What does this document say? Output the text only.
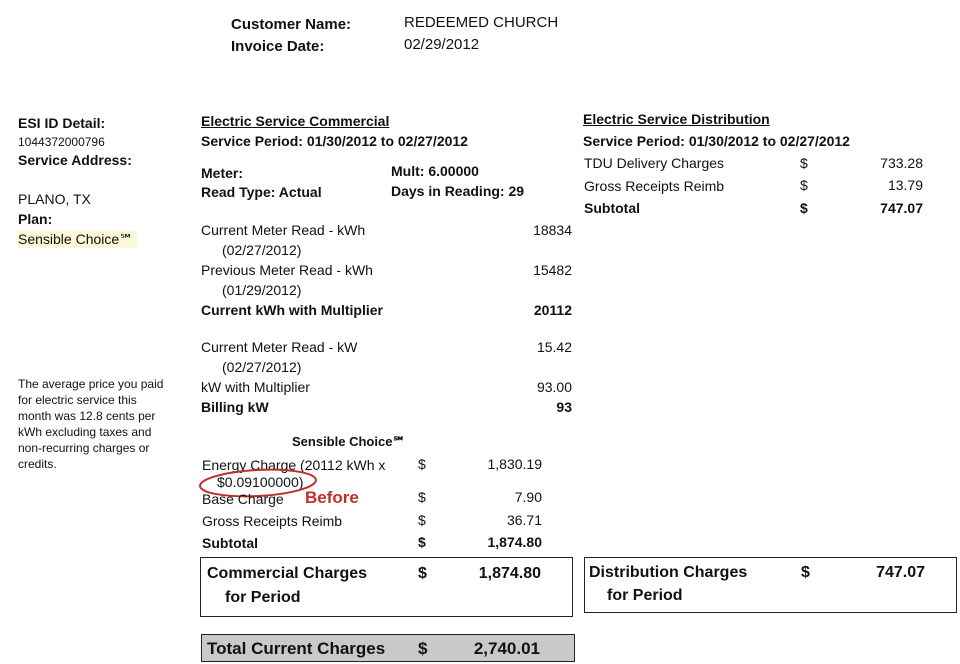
Customer Name:	REDEEMED CHURCH
Invoice Date:	02/29/2012
ESI ID Detail:
1044372000796
Service Address:
PLANO, TX
Plan:
Sensible Choice℠
The average price you paid
for electric service this
month was 12.8 cents per
kWh excluding taxes and
non-recurring charges or
credits.
Electric Service Commercial
Service Period: 01/30/2012 to 02/27/2012
Meter:	Mult: 6.00000
Read Type: Actual	Days in Reading: 29
Current Meter Read - kWh	18834
(02/27/2012)
Previous Meter Read - kWh	15482
(01/29/2012)
Current kWh with Multiplier	20112
Current Meter Read - kW	15.42
(02/27/2012)
kW with Multiplier	93.00
Billing kW	93
Sensible Choice℠
Energy Charge (20112 kWh x $	1,830.19
$0.09100000)
Base Charge Before	$	7.90
Gross Receipts Reimb	$	36.71
Subtotal	$	1,874.80
Commercial Charges
for Period
$	1,874.80
Electric Service Distribution
Service Period: 01/30/2012 to 02/27/2012
TDU Delivery Charges	$	733.28
Gross Receipts Reimb	$	13.79
Subtotal	$	747.07
Distribution Charges
for Period
$	747.07
Total Current Charges $	2,740.01
